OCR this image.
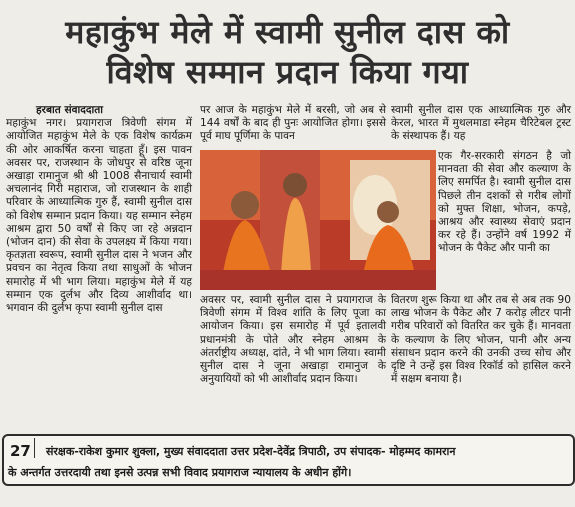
महाकुंभ मेले में स्वामी सुनील दास को
विशेष सम्मान प्रदान किया गया
हरबात संवाददाता
महाकुंभ नगर। प्रयागराज त्रिवेणी संगम में आयोजित महाकुंभ मेले के एक विशेष कार्यक्रम की ओर आकर्षित करना चाहता हूँ। इस पावन अवसर पर, राजस्थान के जोधपुर से वरिष्ठ जूना अखाड़ा रामानुज श्री श्री 1008 सैनाचार्य स्वामी अचलानंद गिरी महाराज, जो राजस्थान के शाही परिवार के आध्यात्मिक गुरु हैं, स्वामी सुनील दास को विशेष सम्मान प्रदान किया। यह सम्मान स्नेहम आश्रम द्वारा 50 वर्षों से किए जा रहे अन्नदान (भोजन दान) की सेवा के उपलक्ष्य में किया गया। कृतज्ञता स्वरूप, स्वामी सुनील दास ने भजन और प्रवचन का नेतृत्व किया तथा साधुओं के भोजन समारोह में भी भाग लिया। महाकुंभ मेले में यह सम्मान एक दुर्लभ और दिव्य आशीर्वाद था। भगवान की दुर्लभ कृपा स्वामी सुनील दास
पर आज के महाकुंभ मेले में बरसी, जो अब से 144 वर्षों के बाद ही पुनः आयोजित होगा। इससे पूर्व माघ पूर्णिमा के पावन
एक गैर-सरकारी संगठन है जो मानवता की सेवा और कल्याण के लिए समर्पित है। स्वामी सुनील दास पिछले तीन दशकों से गरीब लोगों को मुफ्त शिक्षा, भोजन, कपड़े, आश्रय और स्वास्थ्य सेवाएं प्रदान कर रहे हैं। उन्होंने वर्ष 1992 में भोजन के पैकेट और पानी का
अवसर पर, स्वामी सुनील दास ने प्रयागराज के त्रिवेणी संगम में विश्व शांति के लिए पूजा का आयोजन किया। इस समारोह में पूर्व इतालवी प्रधानमंत्री के पोते और स्नेहम आश्रम के अंतर्राष्ट्रीय अध्यक्ष, दांते, ने भी भाग लिया। स्वामी सुनील दास ने जूना अखाड़ा रामानुज के अनुयायियों को भी आशीर्वाद प्रदान किया।
स्वामी सुनील दास एक आध्यात्मिक गुरु और केरल, भारत में मुथलमाडा स्नेहम चैरिटेबल ट्रस्ट के संस्थापक हैं। यह
वितरण शुरू किया था और तब से अब तक 90 लाख भोजन के पैकेट और 7 करोड़ लीटर पानी गरीब परिवारों को वितरित कर चुके हैं। मानवता के कल्याण के लिए भोजन, पानी और अन्य संसाधन प्रदान करने की उनकी उच्च सोच और दृष्टि ने उन्हें इस विश्व रिकॉर्ड को हासिल करने में सक्षम बनाया है।
27 संरक्षक-राकेश कुमार शुक्ला, मुख्य संवाददाता उत्तर प्रदेश-देवेंद्र त्रिपाठी, उप संपादक- मोहम्मद कामरान
के अन्तर्गत उत्तरदायी तथा इनसे उत्पन्न सभी विवाद प्रयागराज न्यायालय के अधीन होंगे।
